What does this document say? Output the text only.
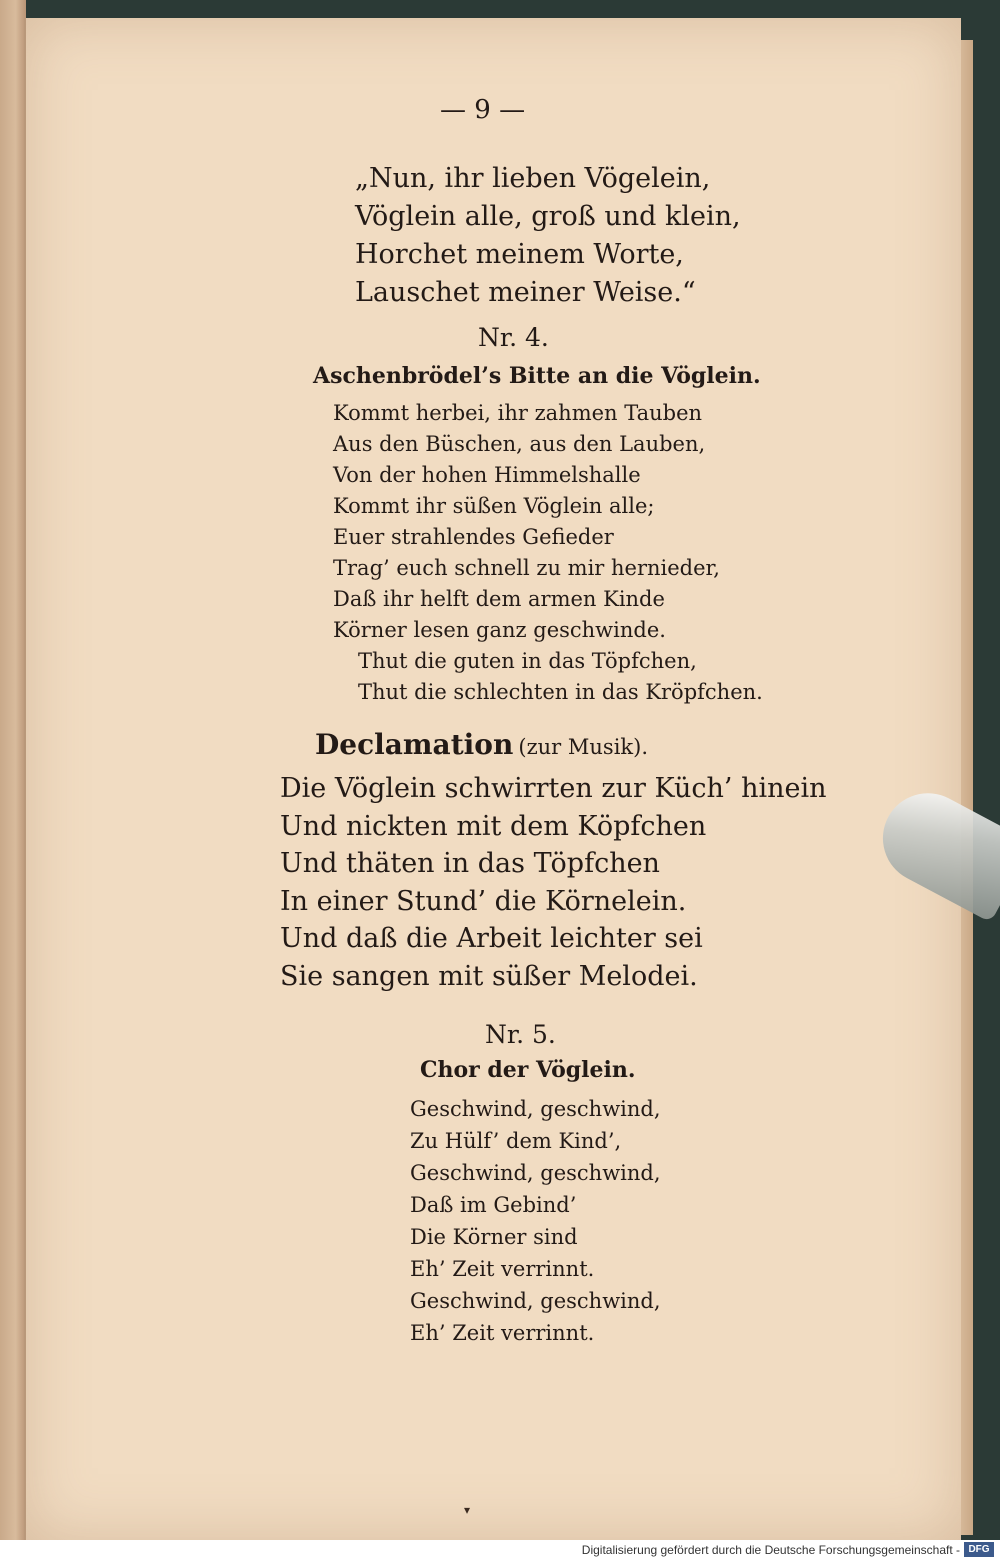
— 9 —
„Nun, ihr lieben Vögelein,
Vöglein alle, groß und klein,
Horchet meinem Worte,
Lauschet meiner Weise.“
Nr. 4.
Aschenbrödel’s Bitte an die Vöglein.
Kommt herbei, ihr zahmen Tauben
Aus den Büschen, aus den Lauben,
Von der hohen Himmelshalle
Kommt ihr süßen Vöglein alle;
Euer strahlendes Gefieder
Trag’ euch schnell zu mir hernieder,
Daß ihr helft dem armen Kinde
Körner lesen ganz geschwinde.
Thut die guten in das Töpfchen,
Thut die schlechten in das Kröpfchen.
Declamation (zur Musik).
Die Vöglein schwirrten zur Küch’ hinein
Und nickten mit dem Köpfchen
Und thäten in das Töpfchen
In einer Stund’ die Körnelein.
Und daß die Arbeit leichter sei
Sie sangen mit süßer Melodei.
Nr. 5.
Chor der Vöglein.
Geschwind, geschwind,
Zu Hülf’ dem Kind’,
Geschwind, geschwind,
Daß im Gebind’
Die Körner sind
Eh’ Zeit verrinnt.
Geschwind, geschwind,
Eh’ Zeit verrinnt.
▾
Digitalisierung gefördert durch die Deutsche Forschungsgemeinschaft - DFG
